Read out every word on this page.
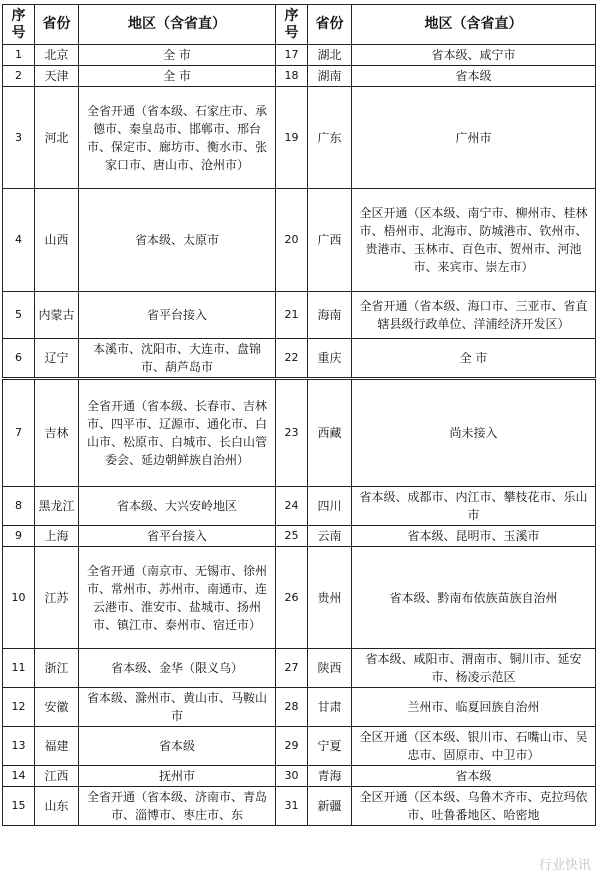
序号	省份	地区（含省直）	序号	省份	地区（含省直）
1	北京	全 市	17	湖北	省本级、咸宁市
2	天津	全 市	18	湖南	省本级
3	河北	全省开通（省本级、石家庄市、承德市、秦皇岛市、邯郸市、邢台市、保定市、廊坊市、衡水市、张家口市、唐山市、沧州市）	19	广东	广州市
4	山西	省本级、太原市	20	广西	全区开通（区本级、南宁市、柳州市、桂林市、梧州市、北海市、防城港市、钦州市、贵港市、玉林市、百色市、贺州市、河池市、来宾市、崇左市）
5	内蒙古	省平台接入	21	海南	全省开通（省本级、海口市、三亚市、省直辖县级行政单位、洋浦经济开发区）
6	辽宁	本溪市、沈阳市、大连市、盘锦市、葫芦岛市	22	重庆	全 市
7	吉林	全省开通（省本级、长春市、吉林市、四平市、辽源市、通化市、白山市、松原市、白城市、长白山管委会、延边朝鲜族自治州）	23	西藏	尚未接入
8	黑龙江	省本级、大兴安岭地区	24	四川	省本级、成都市、内江市、攀枝花市、乐山市
9	上海	省平台接入	25	云南	省本级、昆明市、玉溪市
10	江苏	全省开通（南京市、无锡市、徐州市、常州市、苏州市、南通市、连云港市、淮安市、盐城市、扬州市、镇江市、泰州市、宿迁市）	26	贵州	省本级、黔南布依族苗族自治州
11	浙江	省本级、金华（限义乌）	27	陕西	省本级、咸阳市、渭南市、铜川市、延安市、杨凌示范区
12	安徽	省本级、滁州市、黄山市、马鞍山市	28	甘肃	兰州市、临夏回族自治州
13	福建	省本级	29	宁夏	全区开通（区本级、银川市、石嘴山市、吴忠市、固原市、中卫市）
14	江西	抚州市	30	青海	省本级
15	山东	全省开通（省本级、济南市、青岛市、淄博市、枣庄市、东	31	新疆	全区开通（区本级、乌鲁木齐市、克拉玛依市、吐鲁番地区、哈密地
行业快讯
